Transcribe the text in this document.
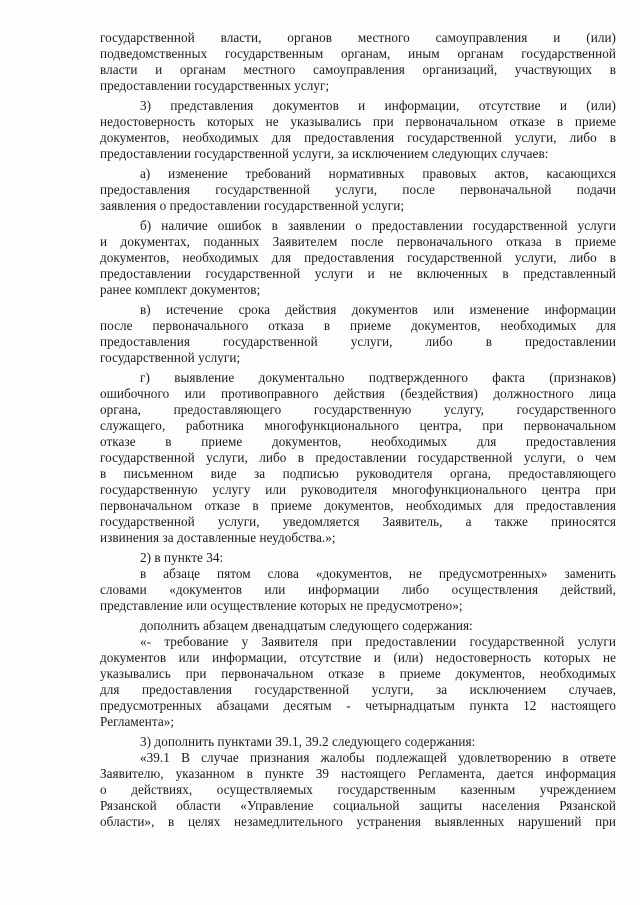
государственной власти, органов местного самоуправления и (или)

подведомственных государственным органам, иным органам государственной

власти и органам местного самоуправления организаций, участвующих в

предоставлении государственных услуг;

3) представления документов и информации, отсутствие и (или)

недостоверность которых не указывались при первоначальном отказе в приеме

документов, необходимых для предоставления государственной услуги, либо в

предоставлении государственной услуги, за исключением следующих случаев:

а) изменение требований нормативных правовых актов, касающихся

предоставления государственной услуги, после первоначальной подачи

заявления о предоставлении государственной услуги;

б) наличие ошибок в заявлении о предоставлении государственной услуги

и документах, поданных Заявителем после первоначального отказа в приеме

документов, необходимых для предоставления государственной услуги, либо в

предоставлении государственной услуги и не включенных в представленный

ранее комплект документов;

в) истечение срока действия документов или изменение информации

после первоначального отказа в приеме документов, необходимых для

предоставления государственной услуги, либо в предоставлении

государственной услуги;

г) выявление документально подтвержденного факта (признаков)

ошибочного или противоправного действия (бездействия) должностного лица

органа, предоставляющего государственную услугу, государственного

служащего, работника многофункционального центра, при первоначальном

отказе в приеме документов, необходимых для предоставления

государственной услуги, либо в предоставлении государственной услуги, о чем

в письменном виде за подписью руководителя органа, предоставляющего

государственную услугу или руководителя многофункционального центра при

первоначальном отказе в приеме документов, необходимых для предоставления

государственной услуги, уведомляется Заявитель, а также приносятся

извинения за доставленные неудобства.»;

2) в пункте 34:

в абзаце пятом слова «документов, не предусмотренных» заменить

словами «документов или информации либо осуществления действий,

представление или осуществление которых не предусмотрено»;

дополнить абзацем двенадцатым следующего содержания:

«- требование у Заявителя при предоставлении государственной услуги

документов или информации, отсутствие и (или) недостоверность которых не

указывались при первоначальном отказе в приеме документов, необходимых

для предоставления государственной услуги, за исключением случаев,

предусмотренных абзацами десятым - четырнадцатым пункта 12 настоящего

Регламента»;

3) дополнить пунктами 39.1, 39.2 следующего содержания:

«39.1 В случае признания жалобы подлежащей удовлетворению в ответе

Заявителю, указанном в пункте 39 настоящего Регламента, дается информация

о действиях, осуществляемых государственным казенным учреждением

Рязанской области «Управление социальной защиты населения Рязанской

области», в целях незамедлительного устранения выявленных нарушений при
